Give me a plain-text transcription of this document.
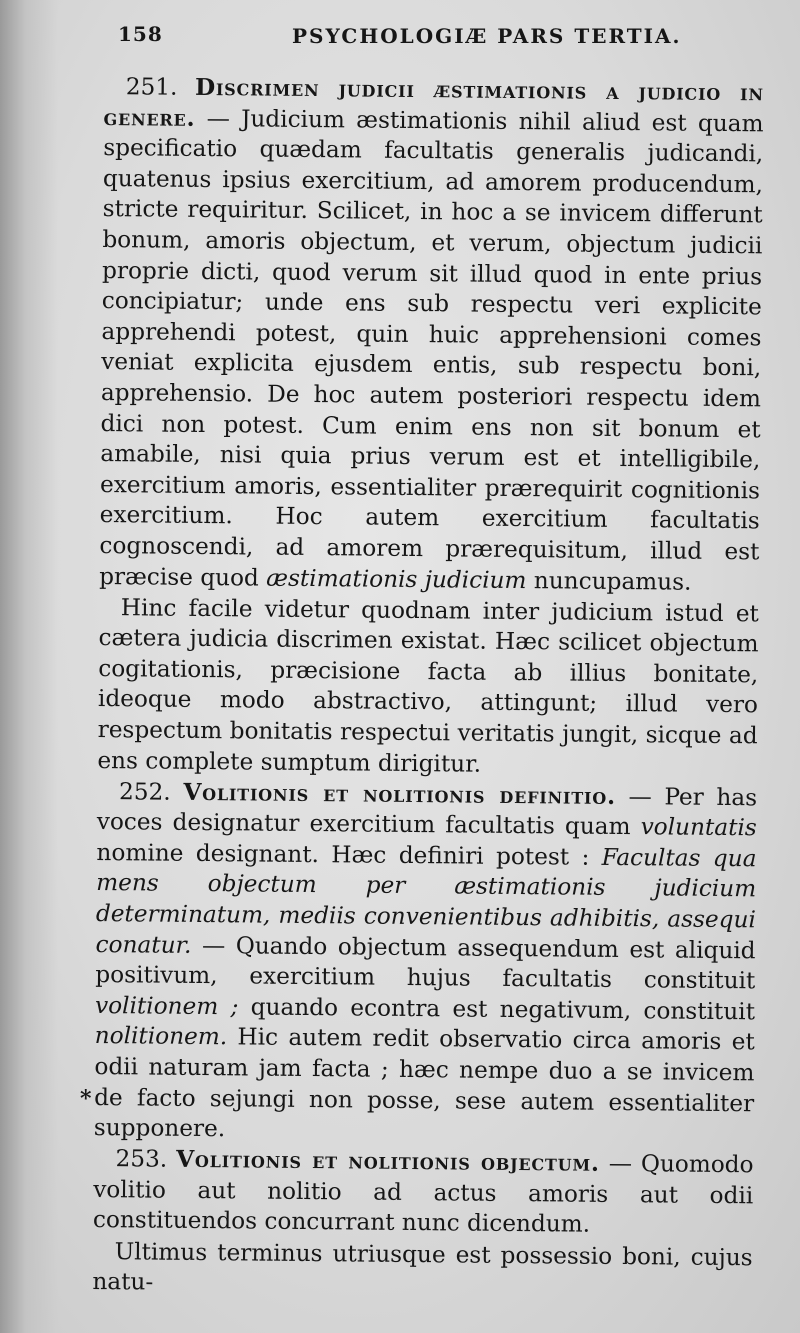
158	PSYCHOLOGIÆ PARS TERTIA.
*

251. Discrimen judicii æstimationis a judicio in genere. — Judicium æstimationis nihil aliud est quam specificatio quædam facultatis generalis judicandi, quatenus ipsius exercitium, ad amorem producendum, stricte requiritur. Scilicet, in hoc a se invicem differunt bonum, amoris objectum, et verum, objectum judicii proprie dicti, quod verum sit illud quod in ente prius concipiatur; unde ens sub respectu veri explicite apprehendi potest, quin huic apprehensioni comes veniat explicita ejusdem entis, sub respectu boni, apprehensio. De hoc autem posteriori respectu idem dici non potest. Cum enim ens non sit bonum et amabile, nisi quia prius verum est et intelligibile, exercitium amoris, essentialiter prærequirit cognitionis exercitium. Hoc autem exercitium facultatis cognoscendi, ad amorem prærequisitum, illud est præcise quod æstimationis judicium nuncupamus.

Hinc facile videtur quodnam inter judicium istud et cætera judicia discrimen existat. Hæc scilicet objectum cogitationis, præcisione facta ab illius bonitate, ideoque modo abstractivo, attingunt; illud vero respectum bonitatis respectui veritatis jungit, sicque ad ens complete sumptum dirigitur.

252. Volitionis et nolitionis definitio. — Per has voces designatur exercitium facultatis quam voluntatis nomine designant. Hæc definiri potest : Facultas qua mens objectum per æstimationis judicium determinatum, mediis convenientibus adhibitis, assequi conatur. — Quando objectum assequendum est aliquid positivum, exercitium hujus facultatis constituit volitionem ; quando econtra est negativum, constituit nolitionem. Hic autem redit observatio circa amoris et odii naturam jam facta ; hæc nempe duo a se invicem de facto sejungi non posse, sese autem essentialiter supponere.

253. Volitionis et nolitionis objectum. — Quomodo volitio aut nolitio ad actus amoris aut odii constituendos concurrant nunc dicendum.

Ultimus terminus utriusque est possessio boni, cujus natu-
